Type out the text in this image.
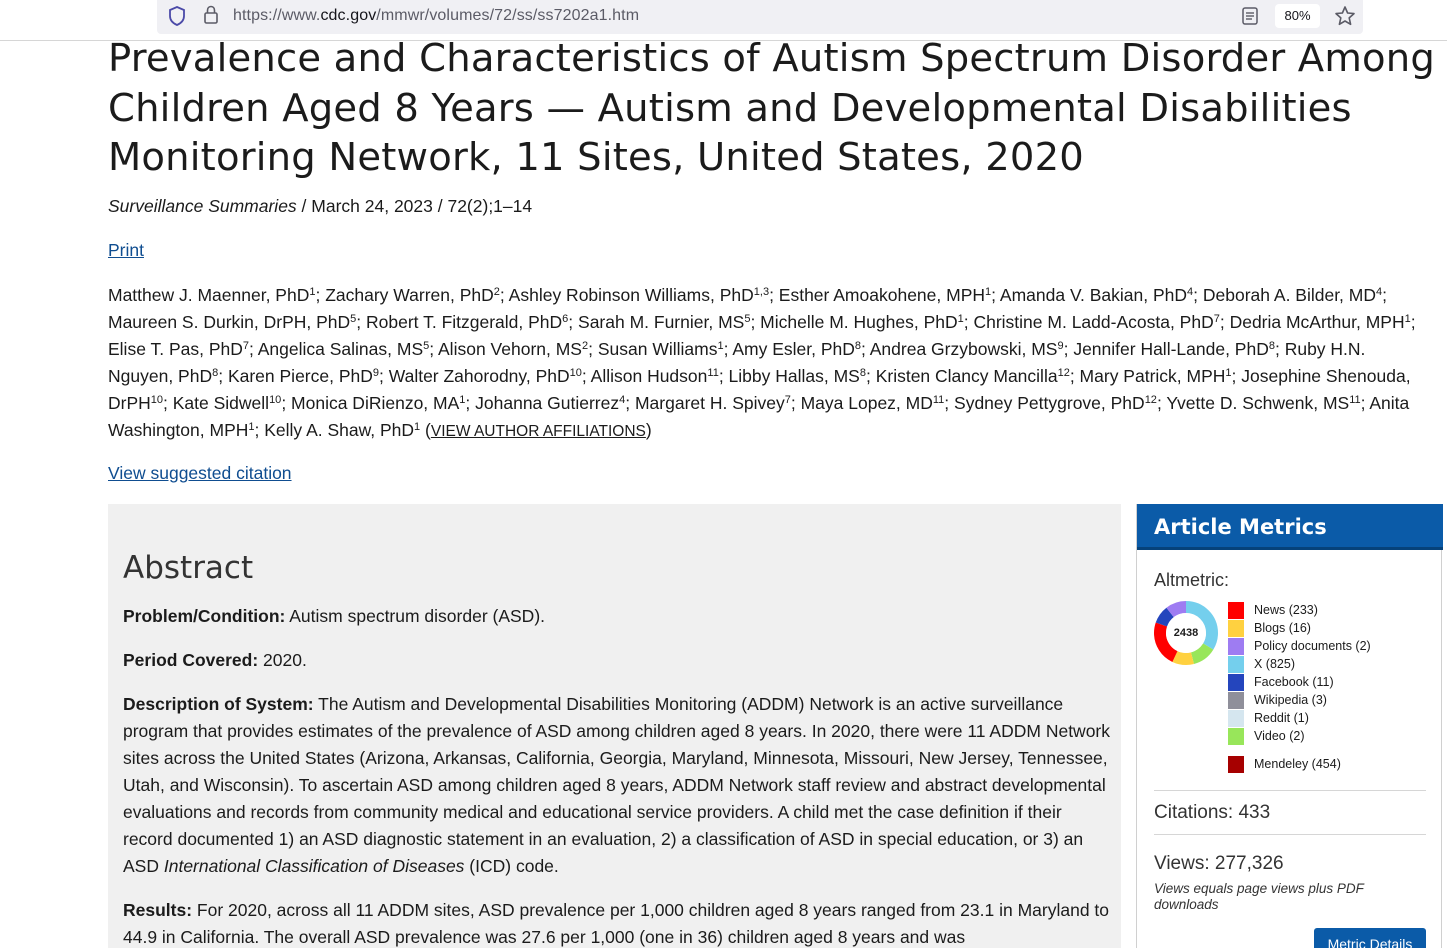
https://www.cdc.gov/mmwr/volumes/72/ss/ss7202a1.htm	80%
Prevalence and Characteristics of Autism Spectrum Disorder Among Children Aged 8 Years — Autism and Developmental Disabilities Monitoring Network, 11 Sites, United States, 2020
Surveillance Summaries / March 24, 2023 / 72(2);1–14
Print
Matthew J. Maenner, PhD$^1$; Zachary Warren, PhD$^2$; Ashley Robinson Williams, PhD$^{1,3}$; Esther Amoakohene, MPH$^1$; Amanda V. Bakian, PhD$^4$; Deborah A. Bilder, $MD^4$;
Maureen S. Durkin, DrPH, PhD$^5$; Robert T. Fitzgerald, PhD$^6$; Sarah M. Furnier, $MS^5$; Michelle M. Hughes, PhD$^1$; Christine M. Ladd-Acosta, PhD$^7$; Dedria McArthur, MPH$^1$;
Elise T. Pas, PhD$^7$; Angelica Salinas, $MS^5$; Alison Vehorn, $MS^2$; Susan Williams$^1$; Amy Esler, PhD$^8$; Andrea Grzybowski, $MS^9$; Jennifer Hall-Lande, PhD$^8$; Ruby H.N.
Nguyen, PhD$^8$; Karen Pierce, PhD$^9$; Walter Zahorodny, PhD$^{10}$; Allison Hudson$^{11}$; Libby Hallas, $MS^8$; Kristen Clancy Mancilla$^{12}$; Mary Patrick, MPH$^1$; Josephine Shenouda,
DrPH$^{10}$; Kate Sidwell$^{10}$; Monica DiRienzo, $MA^1$; Johanna Gutierrez$^4$; Margaret H. Spivey$^7$; Maya Lopez, MD$^{11}$; Sydney Pettygrove, PhD$^{12}$; Yvette D. Schwenk, MS$^{11}$; Anita
Washington, MPH$^1$; Kelly A. Shaw, PhD$^1$ (VIEW AUTHOR AFFILIATIONS)
View suggested citation
Abstract

Problem/Condition: Autism spectrum disorder (ASD).

Period Covered: 2020.

Description of System: The Autism and Developmental Disabilities Monitoring (ADDM) Network is an active surveillance program that provides estimates of the prevalence of ASD among children aged 8 years. In 2020, there were 11 ADDM Network sites across the United States (Arizona, Arkansas, California, Georgia, Maryland, Minnesota, Missouri, New Jersey, Tennessee, Utah, and Wisconsin). To ascertain ASD among children aged 8 years, ADDM Network staff review and abstract developmental evaluations and records from community medical and educational service providers. A child met the case definition if their record documented 1) an ASD diagnostic statement in an evaluation, 2) a classification of ASD in special education, or 3) an ASD International Classification of Diseases (ICD) code.

Results: For 2020, across all 11 ADDM sites, ASD prevalence per 1,000 children aged 8 years ranged from 23.1 in Maryland to 44.9 in California. The overall ASD prevalence was 27.6 per 1,000 (one in 36) children aged 8 years and was

Article Metrics
Altmetric:
2438
News (233)
Blogs (16)
Policy documents (2)
X (825)
Facebook (11)
Wikipedia (3)
Reddit (1)
Video (2)
Mendeley (454)
Citations: 433
Views: 277,326
Views equals page views plus PDF downloads
Metric Details
